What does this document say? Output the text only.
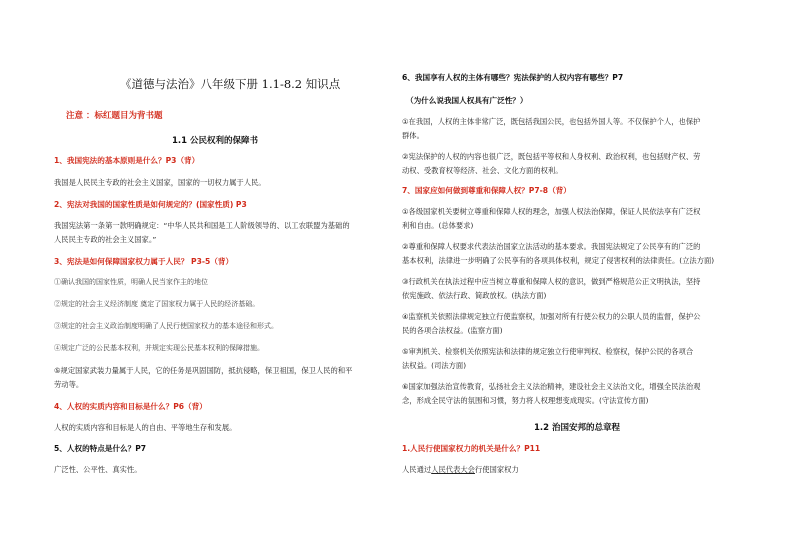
《道德与法治》八年级下册 1.1-8.2 知识点
注意 ：标红题目为背书题
1.1 公民权利的保障书
1、我国宪法的基本原则是什么？P3（背）
我国是人民民主专政的社会主义国家，国家的一切权力属于人民。
2、宪法对我国的国家性质是如何规定的？(国家性质) P3
我国宪法第一条第一款明确规定：“中华人民共和国是工人阶级领导的、以工农联盟为基础的
人民民主专政的社会主义国家。”
3、宪法是如何保障国家权力属于人民？ P3-5（背）
①确认我国的国家性质，明确人民当家作主的地位
②规定的社会主义经济制度 奠定了国家权力属于人民的经济基础。
③规定的社会主义政治制度明确了人民行使国家权力的基本途径和形式。
④规定广泛的公民基本权利，并规定实现公民基本权利的保障措施。
⑤规定国家武装力量属于人民，它的任务是巩固国防，抵抗侵略，保卫祖国，保卫人民的和平
劳动等。
4、人权的实质内容和目标是什么？P6（背）
人权的实质内容和目标是人的自由、平等地生存和发展。
5、人权的特点是什么？P7
广泛性、公平性、真实性。
6、我国享有人权的主体有哪些？宪法保护的人权内容有哪些？P7
（为什么说我国人权具有广泛性？）
①在我国，人权的主体非常广泛，既包括我国公民，也包括外国人等。不仅保护个人，也保护
群体。
②宪法保护的人权的内容也很广泛，既包括平等权和人身权利、政治权利，也包括财产权、劳
动权、受教育权等经济、社会、文化方面的权利。
7、国家应如何做到尊重和保障人权？P7-8（背）
①各级国家机关要树立尊重和保障人权的理念，加强人权法治保障，保证人民依法享有广泛权
利和自由。(总体要求)
②尊重和保障人权要求代表法治国家立法活动的基本要求。我国宪法规定了公民享有的广泛的
基本权利，法律进一步明确了公民享有的各项具体权利，规定了侵害权利的法律责任。(立法方面)
③行政机关在执法过程中应当树立尊重和保障人权的意识，做到严格规范公正文明执法，坚持
依宪施政、依法行政、简政放权。(执法方面)
④监察机关依照法律规定独立行使监察权，加强对所有行使公权力的公职人员的监督，保护公
民的各项合法权益。(监察方面)
⑤审判机关、检察机关依照宪法和法律的规定独立行使审判权、检察权，保护公民的各项合
法权益。(司法方面)
⑥国家加强法治宣传教育，弘扬社会主义法治精神，建设社会主义法治文化，增强全民法治观
念，形成全民守法的氛围和习惯，努力将人权理想变成现实。(守法宣传方面)
1.2 治国安邦的总章程
1.人民行使国家权力的机关是什么？P11
人民通过人民代表大会行使国家权力
